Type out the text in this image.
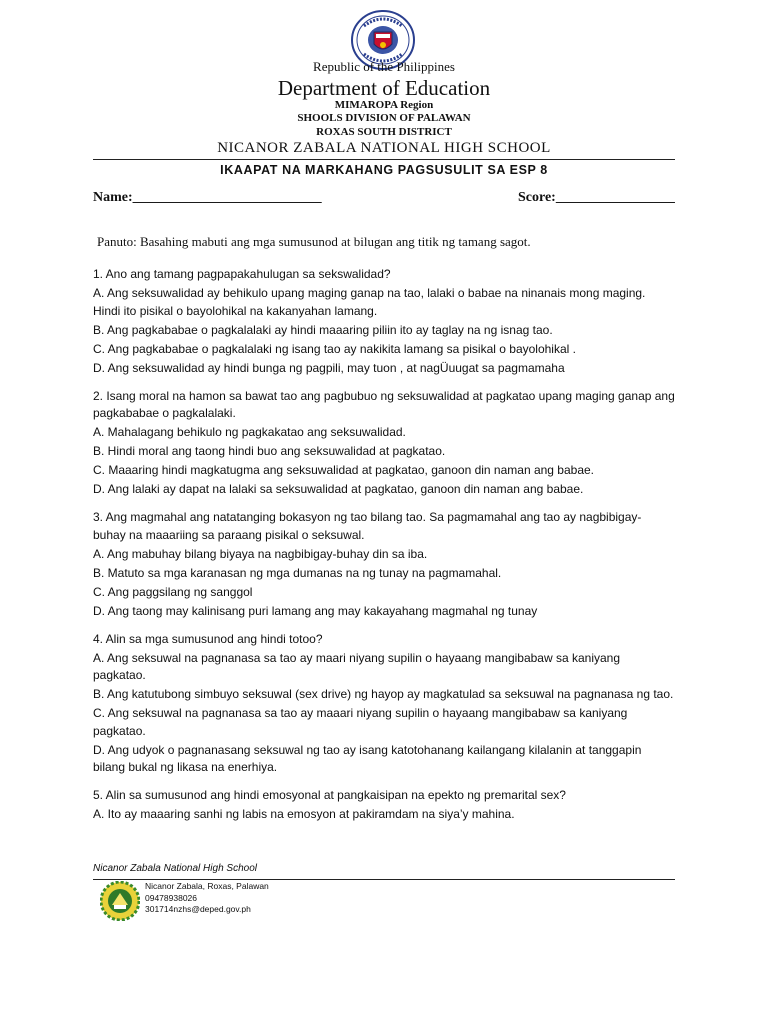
Republic of the Philippines
Department of Education
MIMAROPA Region
SHOOLS DIVISION OF PALAWAN
ROXAS SOUTH DISTRICT
NICANOR ZABALA NATIONAL HIGH SCHOOL
IKAAPAT NA MARKAHANG PAGSUSULIT SA ESP 8
Name:___________________________	Score:_________________
Panuto: Basahing mabuti ang mga sumusunod at bilugan ang titik ng tamang sagot.

1. Ano ang tamang pagpapakahulugan sa sekswalidad?

A. Ang seksuwalidad ay behikulo upang maging ganap na tao, lalaki o babae na ninanais mong maging. Hindi ito pisikal o bayolohikal na kakanyahan lamang.

B. Ang pagkababae o pagkalalaki ay hindi maaaring piliin ito ay taglay na ng isnag tao.

C. Ang pagkababae o pagkalalaki ng isang tao ay nakikita lamang sa pisikal o bayolohikal .

D. Ang seksuwalidad ay hindi bunga ng pagpili, may tuon , at nagÜuugat sa pagmamaha

2. Isang moral na hamon sa bawat tao ang pagbubuo ng seksuwalidad at pagkatao upang maging ganap ang pagkababae o pagkalalaki.

A. Mahalagang behikulo ng pagkakatao ang seksuwalidad.

B. Hindi moral ang taong hindi buo ang seksuwalidad at pagkatao.

C. Maaaring hindi magkatugma ang seksuwalidad at pagkatao, ganoon din naman ang babae.

D. Ang lalaki ay dapat na lalaki sa seksuwalidad at pagkatao, ganoon din naman ang babae.

3. Ang magmahal ang natatanging bokasyon ng tao bilang tao. Sa pagmamahal ang tao ay nagbibigay- buhay na maaariing sa paraang pisikal o seksuwal.

A. Ang mabuhay bilang biyaya na nagbibigay-buhay din sa iba.

B. Matuto sa mga karanasan ng mga dumanas na ng tunay na pagmamahal.

C. Ang paggsilang ng sanggol

D. Ang taong may kalinisang puri lamang ang may kakayahang magmahal ng tunay

4. Alin sa mga sumusunod ang hindi totoo?

A. Ang seksuwal na pagnanasa sa tao ay maari niyang supilin o hayaang mangibabaw sa kaniyang pagkatao.

B. Ang katutubong simbuyo seksuwal (sex drive) ng hayop ay magkatulad sa seksuwal na pagnanasa ng tao.

C. Ang seksuwal na pagnanasa sa tao ay maaari niyang supilin o hayaang mangibabaw sa kaniyang pagkatao.

D. Ang udyok o pagnanasang seksuwal ng tao ay isang katotohanang kailangang kilalanin at tanggapin bilang bukal ng likasa na enerhiya.

5. Alin sa sumusunod ang hindi emosyonal at pangkaisipan na epekto ng premarital sex?

A. Ito ay maaaring sanhi ng labis na emosyon at pakiramdam na siya’y mahina.

Nicanor Zabala National High School
Nicanor Zabala, Roxas, Palawan
09478938026
301714nzhs@deped.gov.ph
